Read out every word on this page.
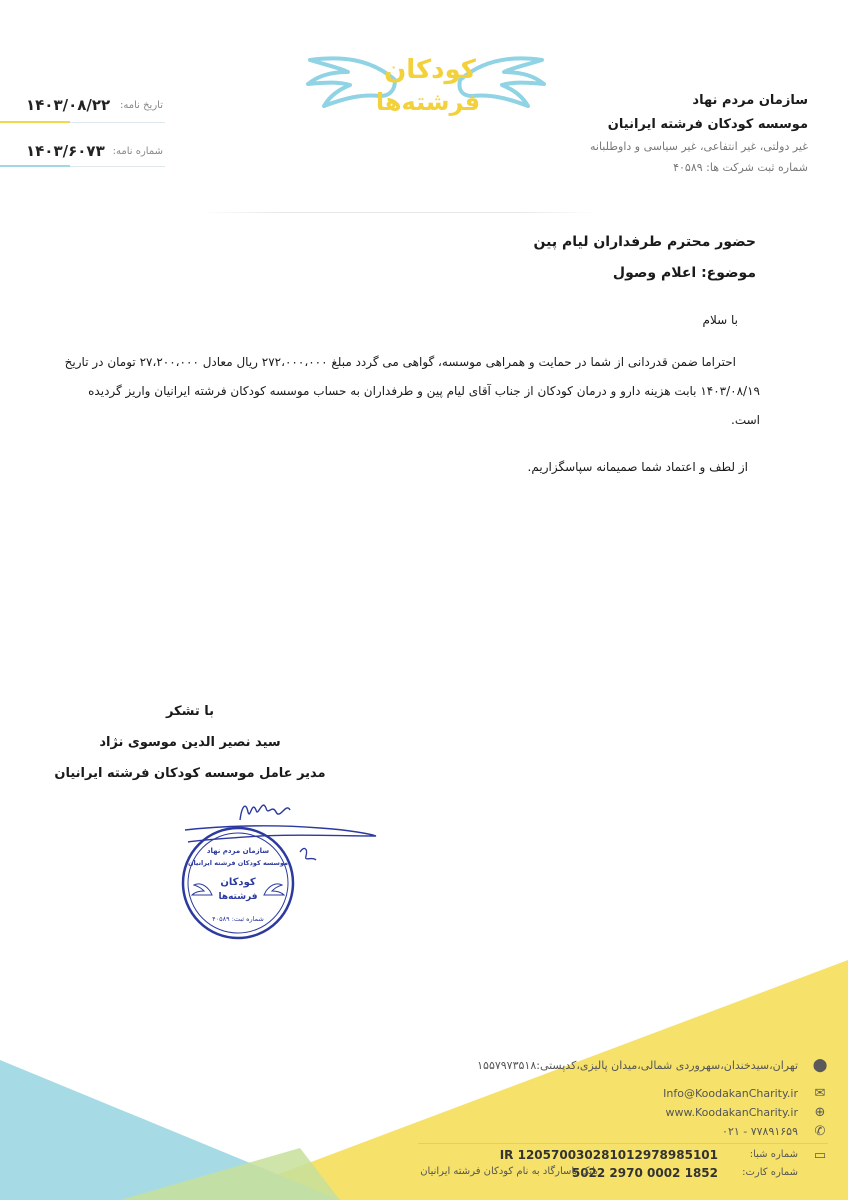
کودکان
فرشته‌ها	سازمان مردم نهاد
موسسه کودکان فرشته ایرانیان
غیر دولتی، غیر انتفاعی، غیر سیاسی و داوطلبانه
شماره ثبت شرکت ها: ۴۰۵۸۹
تاریخ نامه:
۱۴۰۳/۰۸/۲۲
شماره نامه:
۱۴۰۳/۶۰۷۳
حضور محترم طرفداران لیام پین
موضوع: اعلام وصول
با سلام
احتراما ضمن قدردانی از شما در حمایت و همراهی موسسه، گواهی می گردد مبلغ ۲۷۲،۰۰۰،۰۰۰ ریال معادل ۲۷،۲۰۰،۰۰۰ تومان در تاریخ ۱۴۰۳/۰۸/۱۹ بابت هزینه دارو و درمان کودکان از جناب آقای لیام پین و طرفداران به حساب موسسه کودکان فرشته ایرانیان واریز گردیده است.
از لطف و اعتماد شما صمیمانه سپاسگزاریم.
با تشکر
سید نصیر الدین موسوی نژاد
مدیر عامل موسسه کودکان فرشته ایرانیان
سازمان مردم نهاد
موسسه کودکان فرشته ایرانیان
کودکان
فرشته‌ها
شماره ثبت: ۴۰۵۸۹
⬤
تهران،سیدخندان،سهروردی شمالی،میدان پالیزی،کدپستی:۱۵۵۷۹۷۳۵۱۸
✉
Info@KoodakanCharity.ir
⊕
www.KoodakanCharity.ir
✆
۰۲۱ - ۷۷۸۹۱۶۵۹
▭
شماره شبا:
IR 120570030281012978985101
شماره کارت:
5022 2970 0002 1852
بانک پاسارگاد به نام کودکان فرشته ایرانیان
